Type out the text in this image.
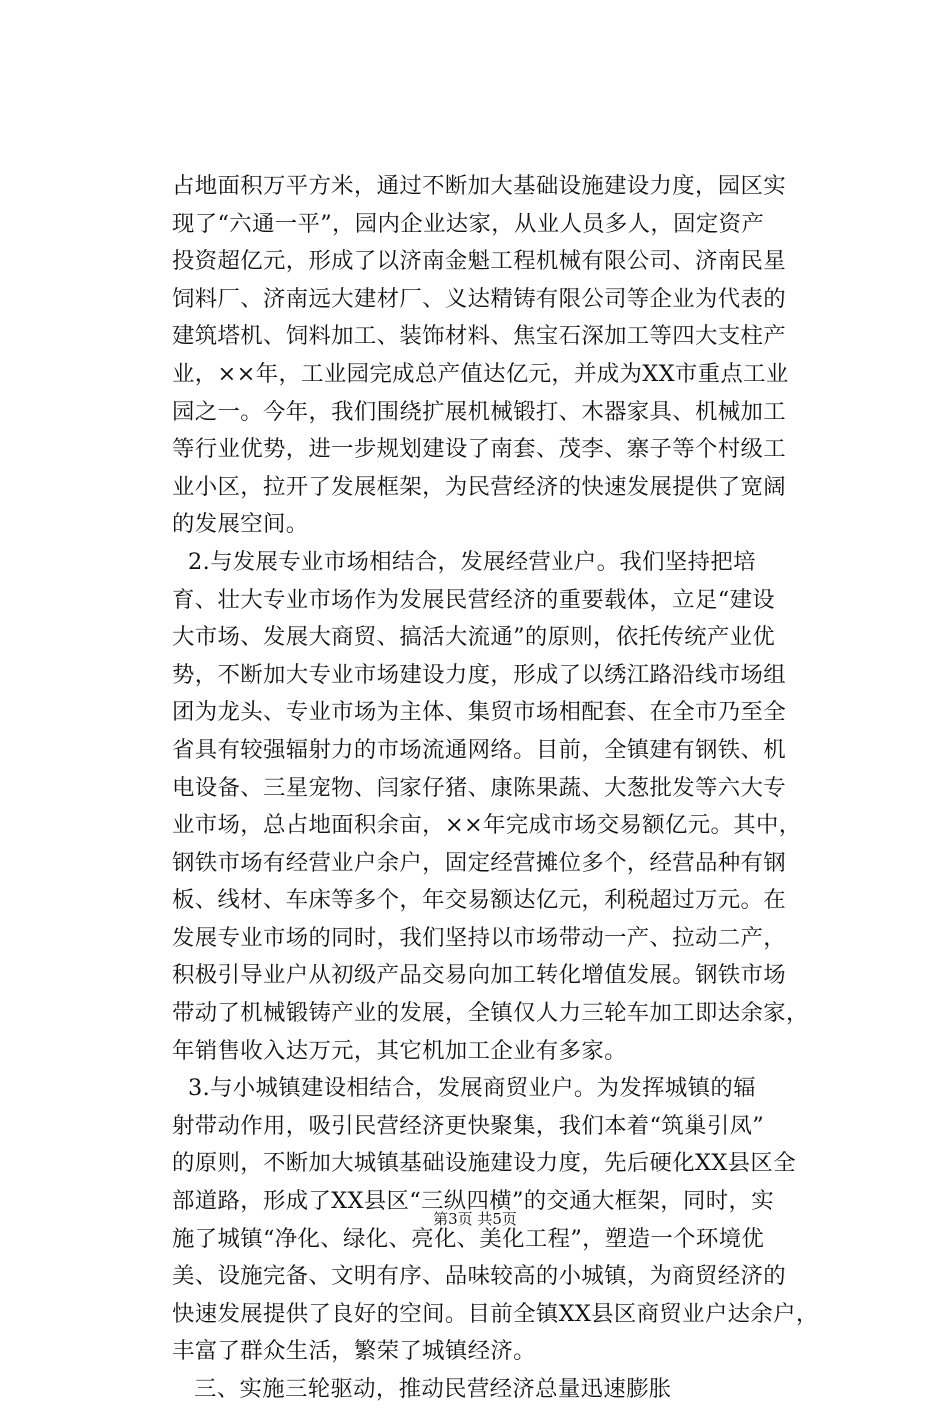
占地面积万平方米，通过不断加大基础设施建设力度，园区实
现了“六通一平”，园内企业达家，从业人员多人，固定资产
投资超亿元，形成了以济南金魁工程机械有限公司、济南民星
饲料厂、济南远大建材厂、义达精铸有限公司等企业为代表的
建筑塔机、饲料加工、装饰材料、焦宝石深加工等四大支柱产
业，××年，工业园完成总产值达亿元，并成为XX市重点工业
园之一。今年，我们围绕扩展机械锻打、木器家具、机械加工
等行业优势，进一步规划建设了南套、茂李、寨子等个村级工
业小区，拉开了发展框架，为民营经济的快速发展提供了宽阔
的发展空间。
2.与发展专业市场相结合，发展经营业户。我们坚持把培
育、壮大专业市场作为发展民营经济的重要载体，立足“建设
大市场、发展大商贸、搞活大流通”的原则，依托传统产业优
势，不断加大专业市场建设力度，形成了以绣江路沿线市场组
团为龙头、专业市场为主体、集贸市场相配套、在全市乃至全
省具有较强辐射力的市场流通网络。目前，全镇建有钢铁、机
电设备、三星宠物、闫家仔猪、康陈果蔬、大葱批发等六大专
业市场，总占地面积余亩，××年完成市场交易额亿元。其中，
钢铁市场有经营业户余户，固定经营摊位多个，经营品种有钢
板、线材、车床等多个，年交易额达亿元，利税超过万元。在
发展专业市场的同时，我们坚持以市场带动一产、拉动二产，
积极引导业户从初级产品交易向加工转化增值发展。钢铁市场
带动了机械锻铸产业的发展，全镇仅人力三轮车加工即达余家，
年销售收入达万元，其它机加工企业有多家。
3.与小城镇建设相结合，发展商贸业户。为发挥城镇的辐
射带动作用，吸引民营经济更快聚集，我们本着“筑巢引凤”
的原则，不断加大城镇基础设施建设力度，先后硬化XX县区全
部道路，形成了XX县区“三纵四横”的交通大框架，同时，实
施了城镇“净化、绿化、亮化、美化工程”，塑造一个环境优
美、设施完备、文明有序、品味较高的小城镇，为商贸经济的
快速发展提供了良好的空间。目前全镇XX县区商贸业户达余户，
丰富了群众生活，繁荣了城镇经济。
三、实施三轮驱动，推动民营经济总量迅速膨胀
第3页 共5页
